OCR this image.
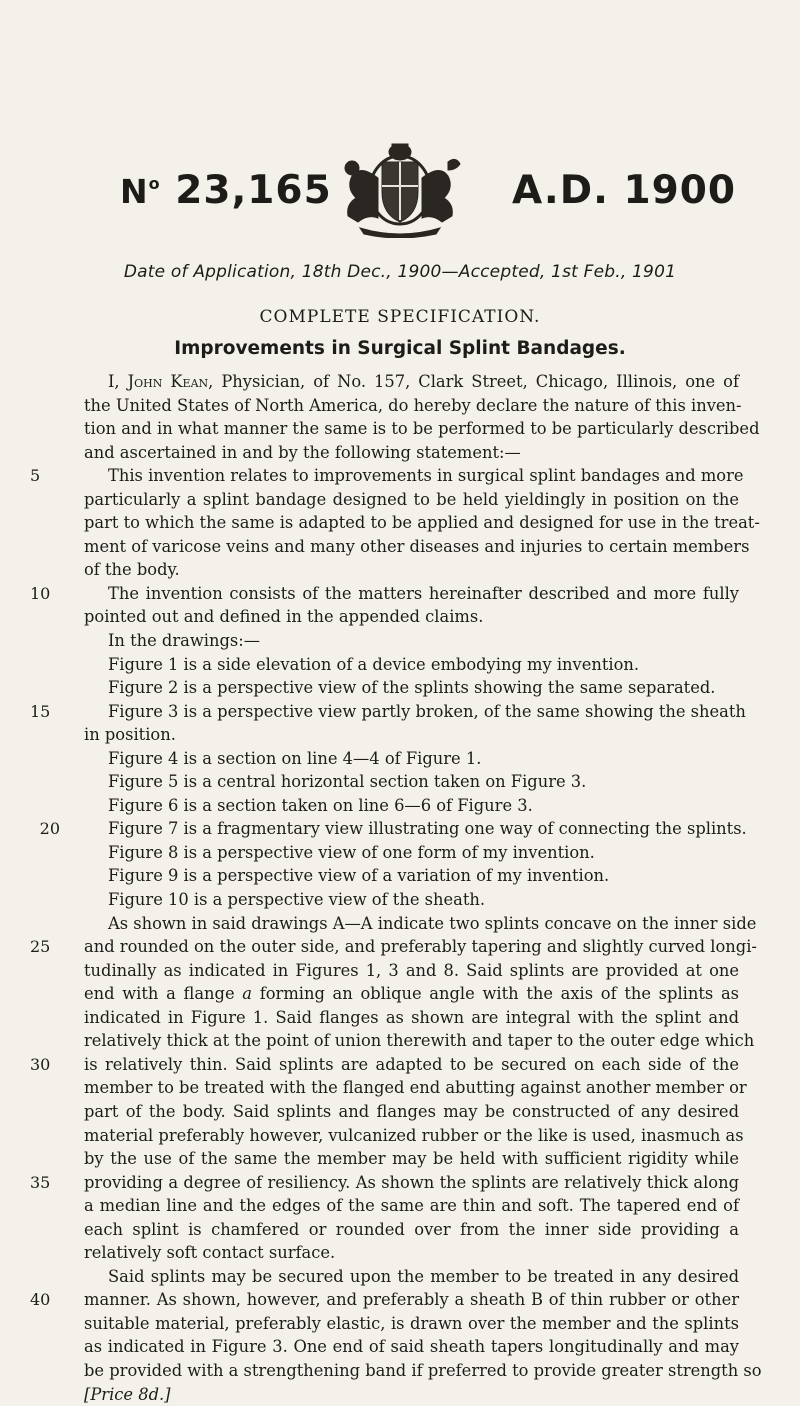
$N^o$ 23,165	A.D. 1900
Date of Application, 18th Dec., 1900—Accepted, 1st Feb., 1901
COMPLETE SPECIFICATION.
Improvements in Surgical Splint Bandages.
I, John Kean, Physician, of No. 157, Clark Street, Chicago, Illinois, one of
the United States of North America, do hereby declare the nature of this inven-
tion and in what manner the same is to be performed to be particularly described
and ascertained in and by the following statement:—
5	This invention relates to improvements in surgical splint bandages and more
particularly a splint bandage designed to be held yieldingly in position on the
part to which the same is adapted to be applied and designed for use in the treat-
ment of varicose veins and many other diseases and injuries to certain members
of the body.
10	The invention consists of the matters hereinafter described and more fully
pointed out and defined in the appended claims.
In the drawings:—
Figure 1 is a side elevation of a device embodying my invention.
Figure 2 is a perspective view of the splints showing the same separated.
15	Figure 3 is a perspective view partly broken, of the same showing the sheath
in position.
Figure 4 is a section on line 4—4 of Figure 1.
Figure 5 is a central horizontal section taken on Figure 3.
Figure 6 is a section taken on line 6—6 of Figure 3.
20	Figure 7 is a fragmentary view illustrating one way of connecting the splints.
Figure 8 is a perspective view of one form of my invention.
Figure 9 is a perspective view of a variation of my invention.
Figure 10 is a perspective view of the sheath.
As shown in said drawings A—A indicate two splints concave on the inner side
25	and rounded on the outer side, and preferably tapering and slightly curved longi-
tudinally as indicated in Figures 1, 3 and 8. Said splints are provided at one
end with a flange a forming an oblique angle with the axis of the splints as
indicated in Figure 1. Said flanges as shown are integral with the splint and
relatively thick at the point of union therewith and taper to the outer edge which
30	is relatively thin. Said splints are adapted to be secured on each side of the
member to be treated with the flanged end abutting against another member or
part of the body. Said splints and flanges may be constructed of any desired
material preferably however, vulcanized rubber or the like is used, inasmuch as
by the use of the same the member may be held with sufficient rigidity while
35	providing a degree of resiliency. As shown the splints are relatively thick along
a median line and the edges of the same are thin and soft. The tapered end of
each splint is chamfered or rounded over from the inner side providing a
relatively soft contact surface.
Said splints may be secured upon the member to be treated in any desired
40	manner. As shown, however, and preferably a sheath B of thin rubber or other
suitable material, preferably elastic, is drawn over the member and the splints
as indicated in Figure 3. One end of said sheath tapers longitudinally and may
be provided with a strengthening band if preferred to provide greater strength so
[Price 8d.]
